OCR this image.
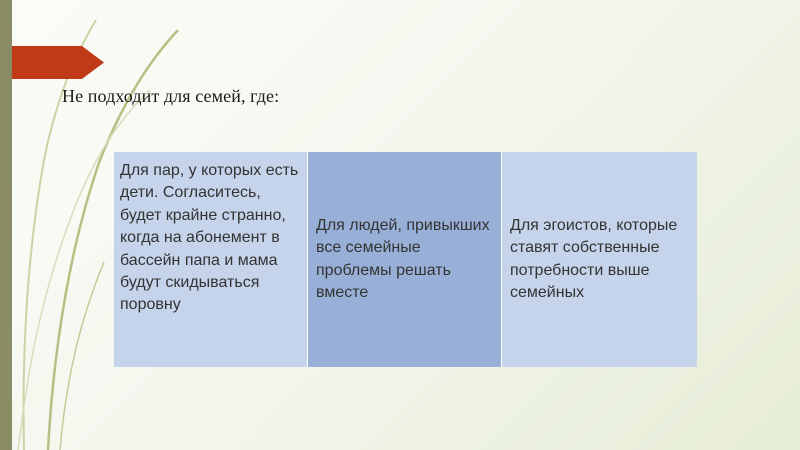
Не подходит для семей, где:
Для пар, у которых есть дети. Согласитесь, будет крайне странно, когда на абонемент в бассейн папа и мама будут скидываться поровну
Для людей, привыкших все семейные проблемы решать вместе
Для эгоистов, которые ставят собственные потребности выше семейных
